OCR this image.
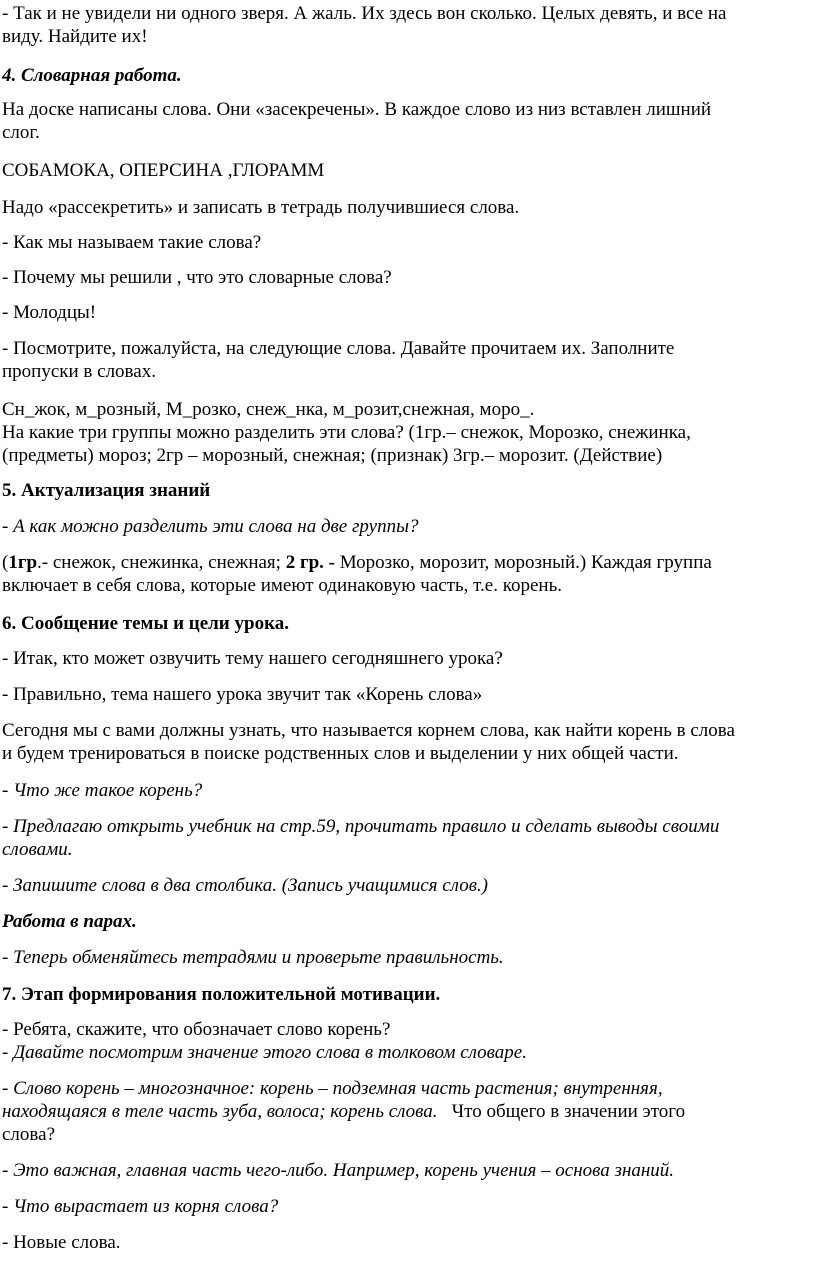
- Так и не увидели ни одного зверя. А жаль. Их здесь вон сколько. Целых девять, и все на

виду. Найдите их!

4. Словарная работа.

На доске написаны слова. Они «засекречены». В каждое слово из низ вставлен лишний

слог.

СОБАМОКА, ОПЕРСИНА ,ГЛОРАММ

Надо «рассекретить» и записать в тетрадь получившиеся слова.

- Как мы называем такие слова?

- Почему мы решили , что это словарные слова?

- Молодцы!

- Посмотрите, пожалуйста, на следующие слова. Давайте прочитаем их. Заполните

пропуски в словах.

Сн_жок, м_розный, М_розко, снеж_нка, м_розит,снежная, моро_.

На какие три группы можно разделить эти слова? (1гр.– снежок, Морозко, снежинка,

(предметы) мороз; 2гр – морозный, снежная; (признак) 3гр.– морозит. (Действие)

5. Актуализация знаний

- А как можно разделить эти слова на две группы?

(1гр.- снежок, снежинка, снежная; 2 гр. - Морозко, морозит, морозный.) Каждая группа

включает в себя слова, которые имеют одинаковую часть, т.е. корень.

6. Сообщение темы и цели урока.

- Итак, кто может озвучить тему нашего сегодняшнего урока?

- Правильно, тема нашего урока звучит так «Корень слова»

Сегодня мы с вами должны узнать, что называется корнем слова, как найти корень в слова

и будем тренироваться в поиске родственных слов и выделении у них общей части.

- Что же такое корень?

- Предлагаю открыть учебник на стр.59, прочитать правило и сделать выводы своими

словами.

- Запишите слова в два столбика. (Запись учащимися слов.)

Работа в парах.

- Теперь обменяйтесь тетрадями и проверьте правильность.

7. Этап формирования положительной мотивации.

- Ребята, скажите, что обозначает слово корень?

- Давайте посмотрим значение этого слова в толковом словаре.

- Слово корень – многозначное: корень – подземная часть растения; внутренняя,

находящаяся в теле часть зуба, волоса; корень слова.   Что общего в значении этого

слова?

- Это важная, главная часть чего-либо. Например, корень учения – основа знаний.

- Что вырастает из корня слова?

- Новые слова.
